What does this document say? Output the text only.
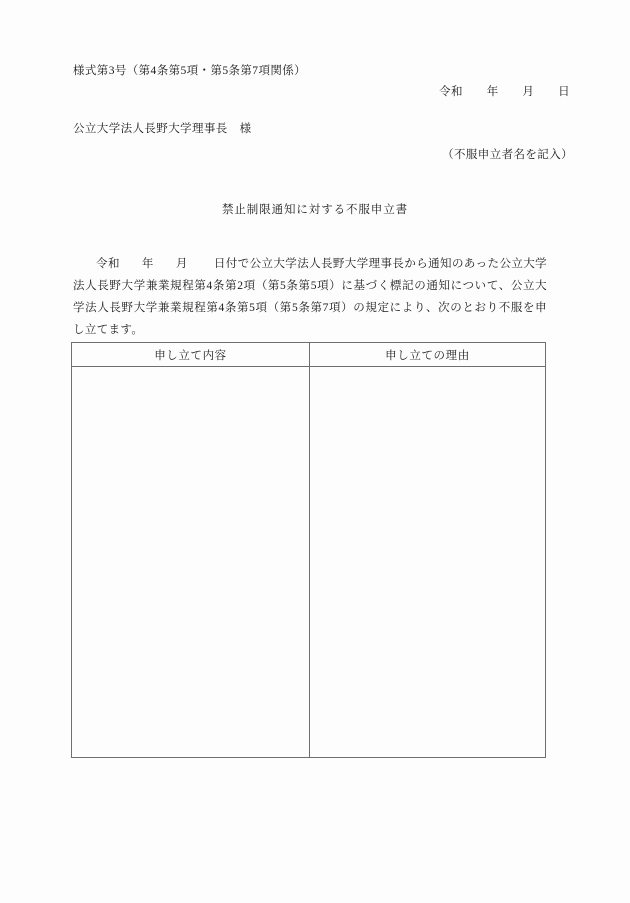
様式第3号（第4条第5項・第5条第7項関係）
令和　　年　　月　　日
公立大学法人長野大学理事長　様
（不服申立者名を記入）
禁止制限通知に対する不服申立書

令和 年 月 日付で公立大学法人長野大学理事長から通知のあった公立大学法人長野大学兼業規程第4条第2項（第5条第5項）に基づく標記の通知について、公立大学法人長野大学兼業規程第4条第5項（第5条第7項）の規定により、次のとおり不服を申し立てます。

申し立て内容	申し立ての理由
